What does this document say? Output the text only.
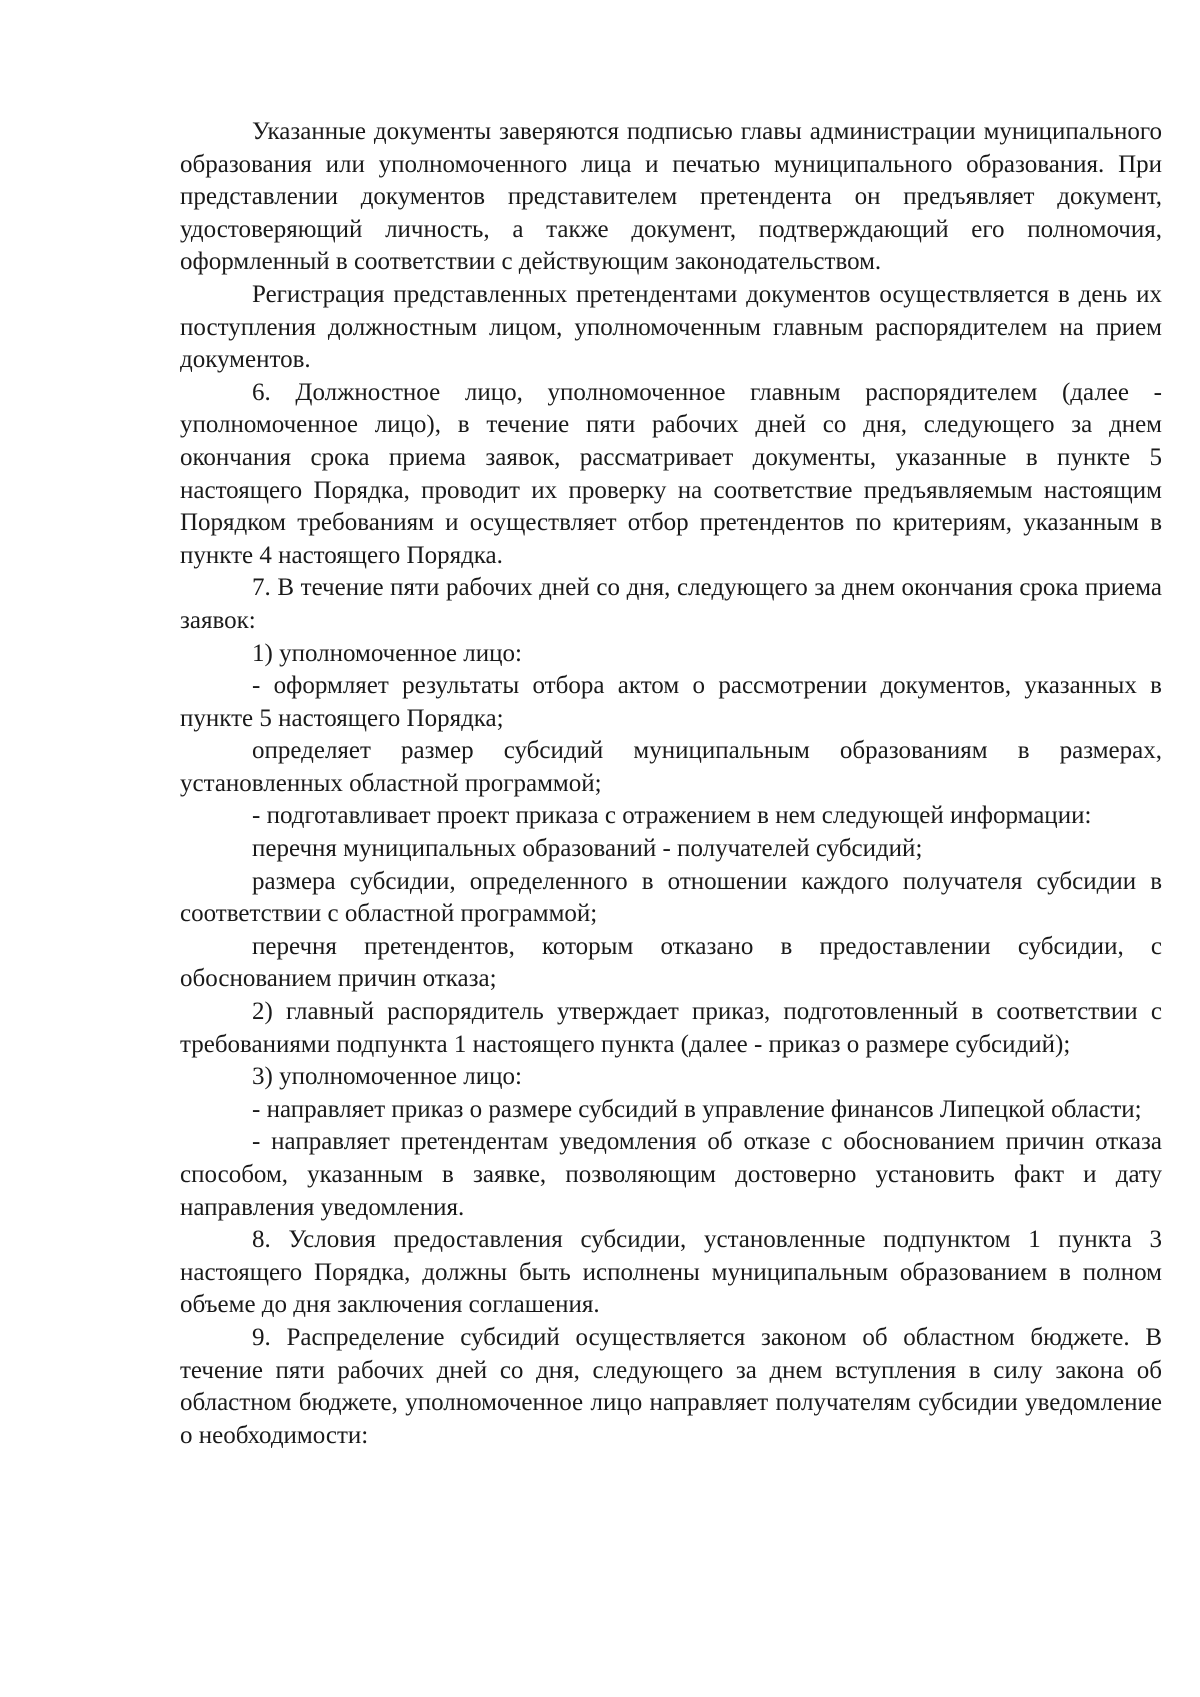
Указанные документы заверяются подписью главы администрации муниципального образования или уполномоченного лица и печатью муниципального образования. При представлении документов представителем претендента он предъявляет документ, удостоверяющий личность, а также документ, подтверждающий его полномочия, оформленный в соответствии с действующим законодательством.

Регистрация представленных претендентами документов осуществляется в день их поступления должностным лицом, уполномоченным главным распорядителем на прием документов.

6. Должностное лицо, уполномоченное главным распорядителем (далее - уполномоченное лицо), в течение пяти рабочих дней со дня, следующего за днем окончания срока приема заявок, рассматривает документы, указанные в пункте 5 настоящего Порядка, проводит их проверку на соответствие предъявляемым настоящим Порядком требованиям и осуществляет отбор претендентов по критериям, указанным в пункте 4 настоящего Порядка.

7. В течение пяти рабочих дней со дня, следующего за днем окончания срока приема заявок:

1) уполномоченное лицо:

- оформляет результаты отбора актом о рассмотрении документов, указанных в пункте 5 настоящего Порядка;

определяет размер субсидий муниципальным образованиям в размерах, установленных областной программой;

- подготавливает проект приказа с отражением в нем следующей информации:

перечня муниципальных образований - получателей субсидий;

размера субсидии, определенного в отношении каждого получателя субсидии в соответствии с областной программой;

перечня претендентов, которым отказано в предоставлении субсидии, с обоснованием причин отказа;

2) главный распорядитель утверждает приказ, подготовленный в соответствии с требованиями подпункта 1 настоящего пункта (далее - приказ о размере субсидий);

3) уполномоченное лицо:

- направляет приказ о размере субсидий в управление финансов Липецкой области;

- направляет претендентам уведомления об отказе с обоснованием причин отказа способом, указанным в заявке, позволяющим достоверно установить факт и дату направления уведомления.

8. Условия предоставления субсидии, установленные подпунктом 1 пункта 3 настоящего Порядка, должны быть исполнены муниципальным образованием в полном объеме до дня заключения соглашения.

9. Распределение субсидий осуществляется законом об областном бюджете. В течение пяти рабочих дней со дня, следующего за днем вступления в силу закона об областном бюджете, уполномоченное лицо направляет получателям субсидии уведомление о необходимости:
